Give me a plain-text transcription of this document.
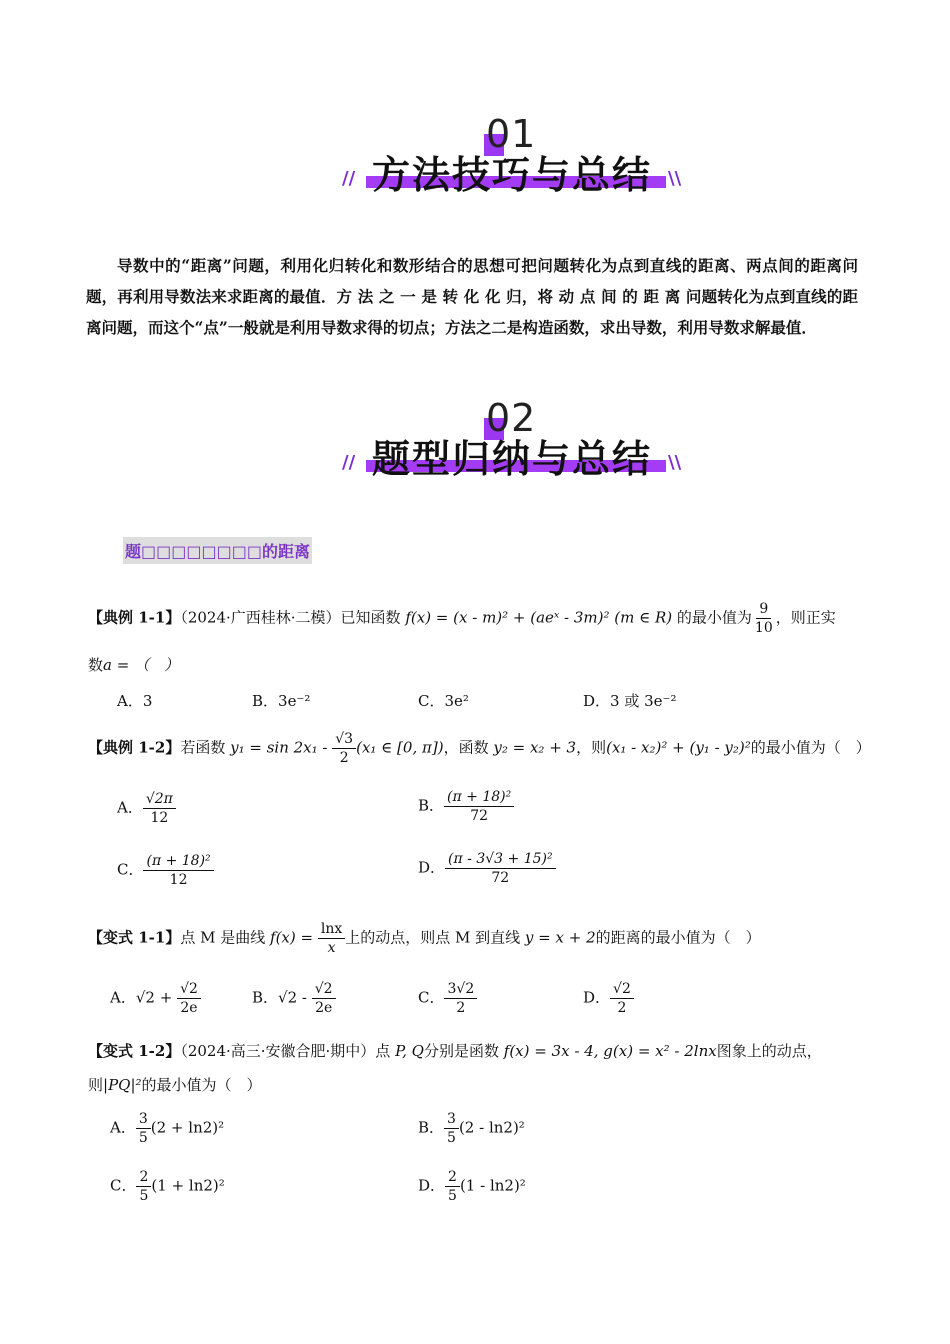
01
// 方法技巧与总结 \\

导数中的“距离”问题，利用化归转化和数形结合的思想可把问题转化为点到直线的距离、两点间的距离问题，再利用导数法来求距离的最值．方 法 之 一 是 转 化 化 归，将 动 点 间 的 距 离 问题转化为点到直线的距离问题，而这个“点”一般就是利用导数求得的切点；方法之二是构造函数，求出导数，利用导数求解最值．

02
// 题型归纳与总结 \\
题□□□□□□□□的距离
【典例 1-1】（2024·广西桂林·二模）已知函数 f(x) = (x - m)² + (aeˣ - 3m)² (m ∈ R) 的最小值为 $\frac{9}{10}$ ，则正实
数a = （　）
A．3	B．3e⁻²	C．3e²	D．3 或 3e⁻²
【典例 1-2】若函数 $y_1 = \sin 2x_1 - \frac{√3}{2} (x_1$ ∈ [0, π])，函数 y₂ = x₂ + 3，则(x₁ - x₂)² + (y₁ - y₂)²的最小值为（　）
A． $\frac{√2\pi}{12}$	B． $\frac{\text{(π + 18)²}}{72}$
C． $\frac{\text{(π + 18)²}}{12}$	D． $\frac{\text{(π - 3√3 + 15)²}}{72}$
【变式 1-1】点 M 是曲线 $f(x) = \frac{\ln x}{x}$ 上的动点，则点 M 到直线 y = x + 2的距离的最小值为（　）
A．$√2 + \frac{√2}{2e}$	B．$√2 - \frac{√2}{2e}$	C． $\frac{3√2}{2}$	D． $\frac{√2}{2}$
【变式 1-2】（2024·高三·安徽合肥·期中）点 P, Q分别是函数 f(x) = 3x - 4, g(x) = x² - 2lnx图象上的动点，
则|PQ|²的最小值为（　）
A． $\frac{3}{5} (2 + \ln 2)^2$	B． $\frac{3}{5} (2 - \ln 2)^2$
C． $\frac{2}{5} (1 + \ln 2)^2$	D． $\frac{2}{5} (1 - \ln 2)^2$
